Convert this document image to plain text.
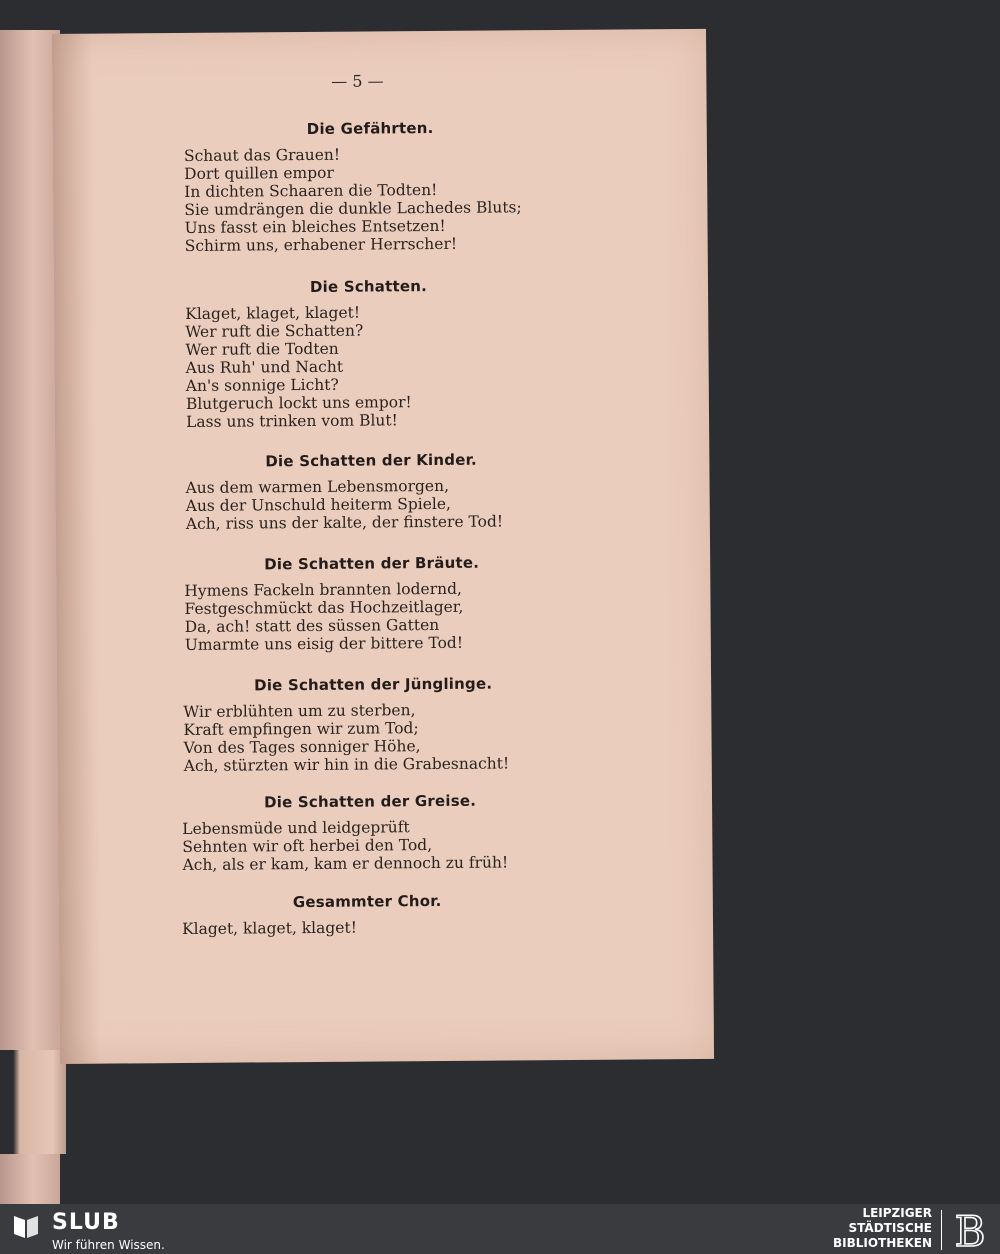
— 5 —
Die Gefährten.
Schaut das Grauen!
Dort quillen empor
In dichten Schaaren die Todten!
Sie umdrängen die dunkle Lachedes Bluts;
Uns fasst ein bleiches Entsetzen!
Schirm uns, erhabener Herrscher!
Die Schatten.
Klaget, klaget, klaget!
Wer ruft die Schatten?
Wer ruft die Todten
Aus Ruh' und Nacht
An's sonnige Licht?
Blutgeruch lockt uns empor!
Lass uns trinken vom Blut!
Die Schatten der Kinder.
Aus dem warmen Lebensmorgen,
Aus der Unschuld heiterm Spiele,
Ach, riss uns der kalte, der finstere Tod!
Die Schatten der Bräute.
Hymens Fackeln brannten lodernd,
Festgeschmückt das Hochzeitlager,
Da, ach! statt des süssen Gatten
Umarmte uns eisig der bittere Tod!
Die Schatten der Jünglinge.
Wir erblühten um zu sterben,
Kraft empfingen wir zum Tod;
Von des Tages sonniger Höhe,
Ach, stürzten wir hin in die Grabesnacht!
Die Schatten der Greise.
Lebensmüde und leidgeprüft
Sehnten wir oft herbei den Tod,
Ach, als er kam, kam er dennoch zu früh!
Gesammter Chor.
Klaget, klaget, klaget!
SLUB
Wir führen Wissen.
LEIPZIGER
STÄDTISCHE
BIBLIOTHEKEN B
